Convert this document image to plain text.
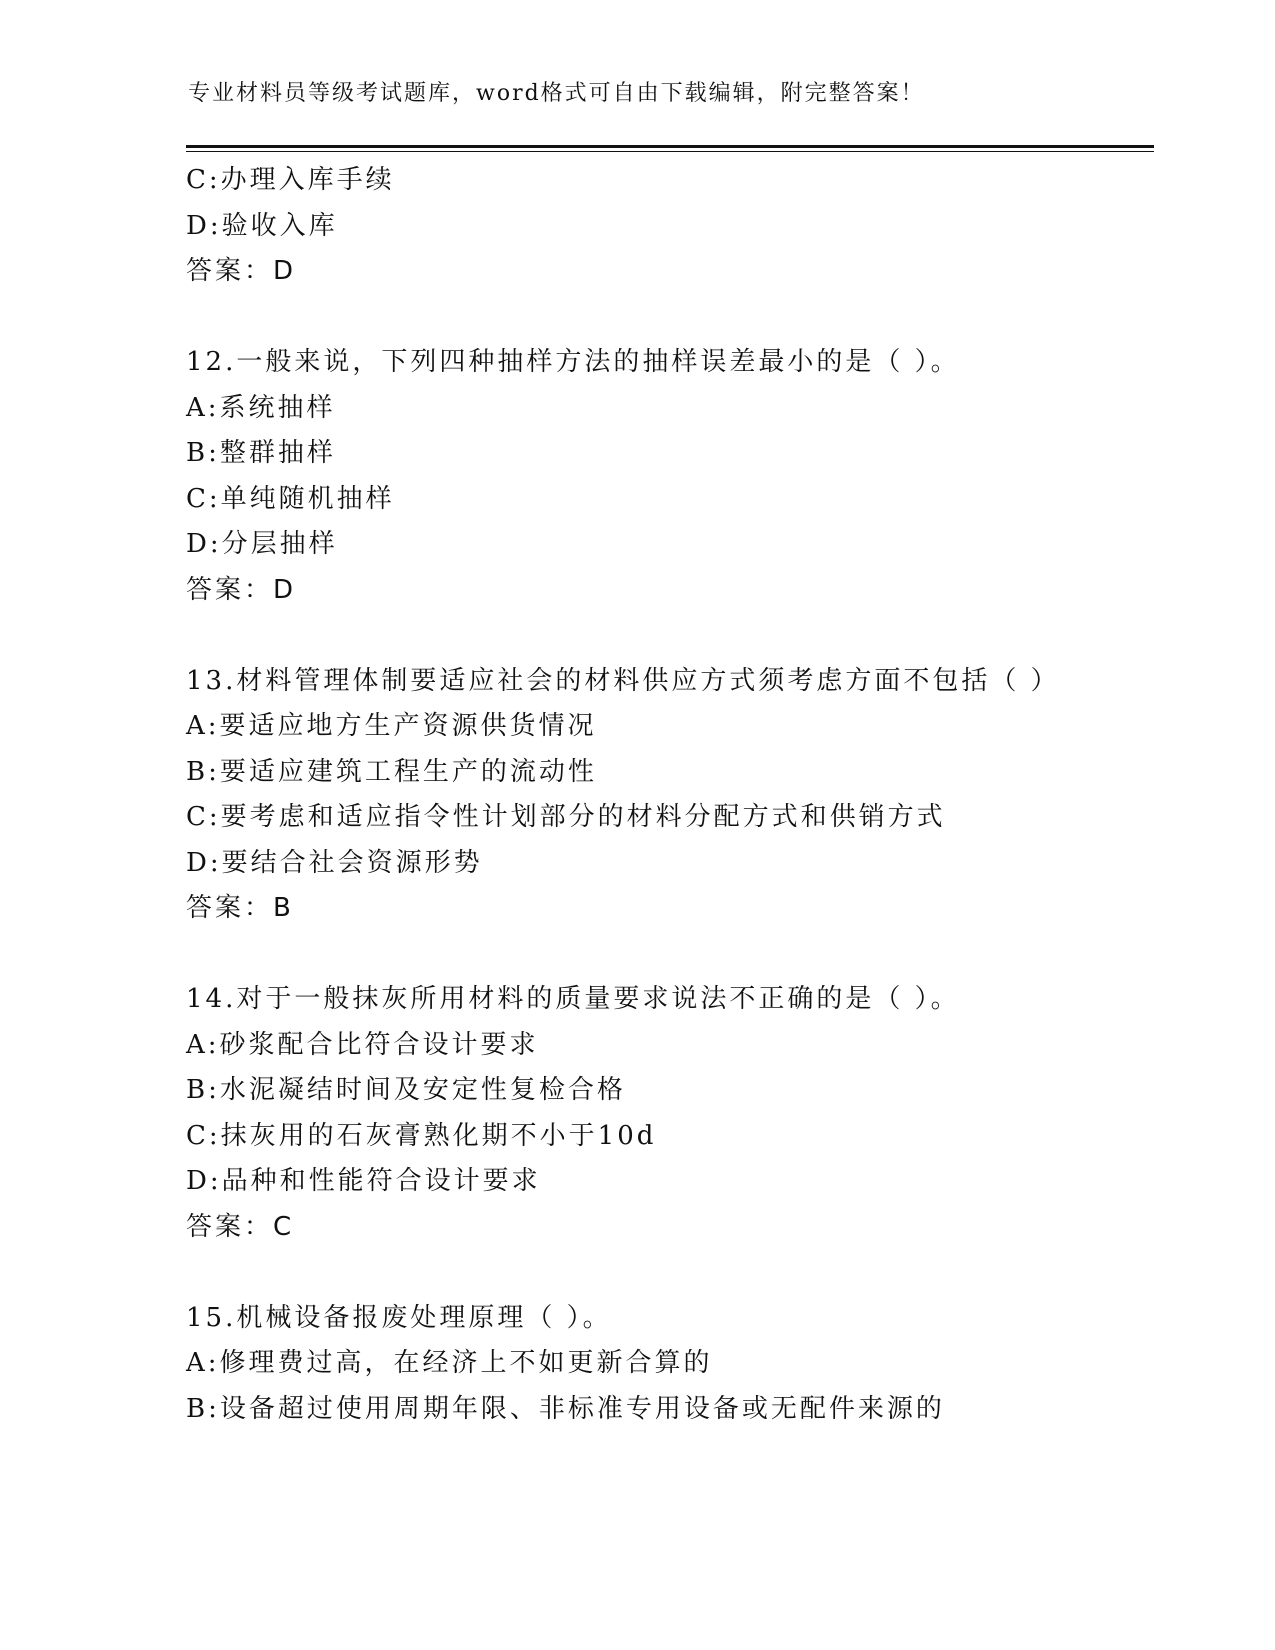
专业材料员等级考试题库，word格式可自由下载编辑，附完整答案！
C:办理入库手续
D:验收入库
答案：D
12.一般来说，下列四种抽样方法的抽样误差最小的是（ ）。
A:系统抽样
B:整群抽样
C:单纯随机抽样
D:分层抽样
答案：D
13.材料管理体制要适应社会的材料供应方式须考虑方面不包括（ ）
A:要适应地方生产资源供货情况
B:要适应建筑工程生产的流动性
C:要考虑和适应指令性计划部分的材料分配方式和供销方式
D:要结合社会资源形势
答案：B
14.对于一般抹灰所用材料的质量要求说法不正确的是（ ）。
A:砂浆配合比符合设计要求
B:水泥凝结时间及安定性复检合格
C:抹灰用的石灰膏熟化期不小于10d
D:品种和性能符合设计要求
答案：C
15.机械设备报废处理原理（ ）。
A:修理费过高，在经济上不如更新合算的
B:设备超过使用周期年限、非标准专用设备或无配件来源的
